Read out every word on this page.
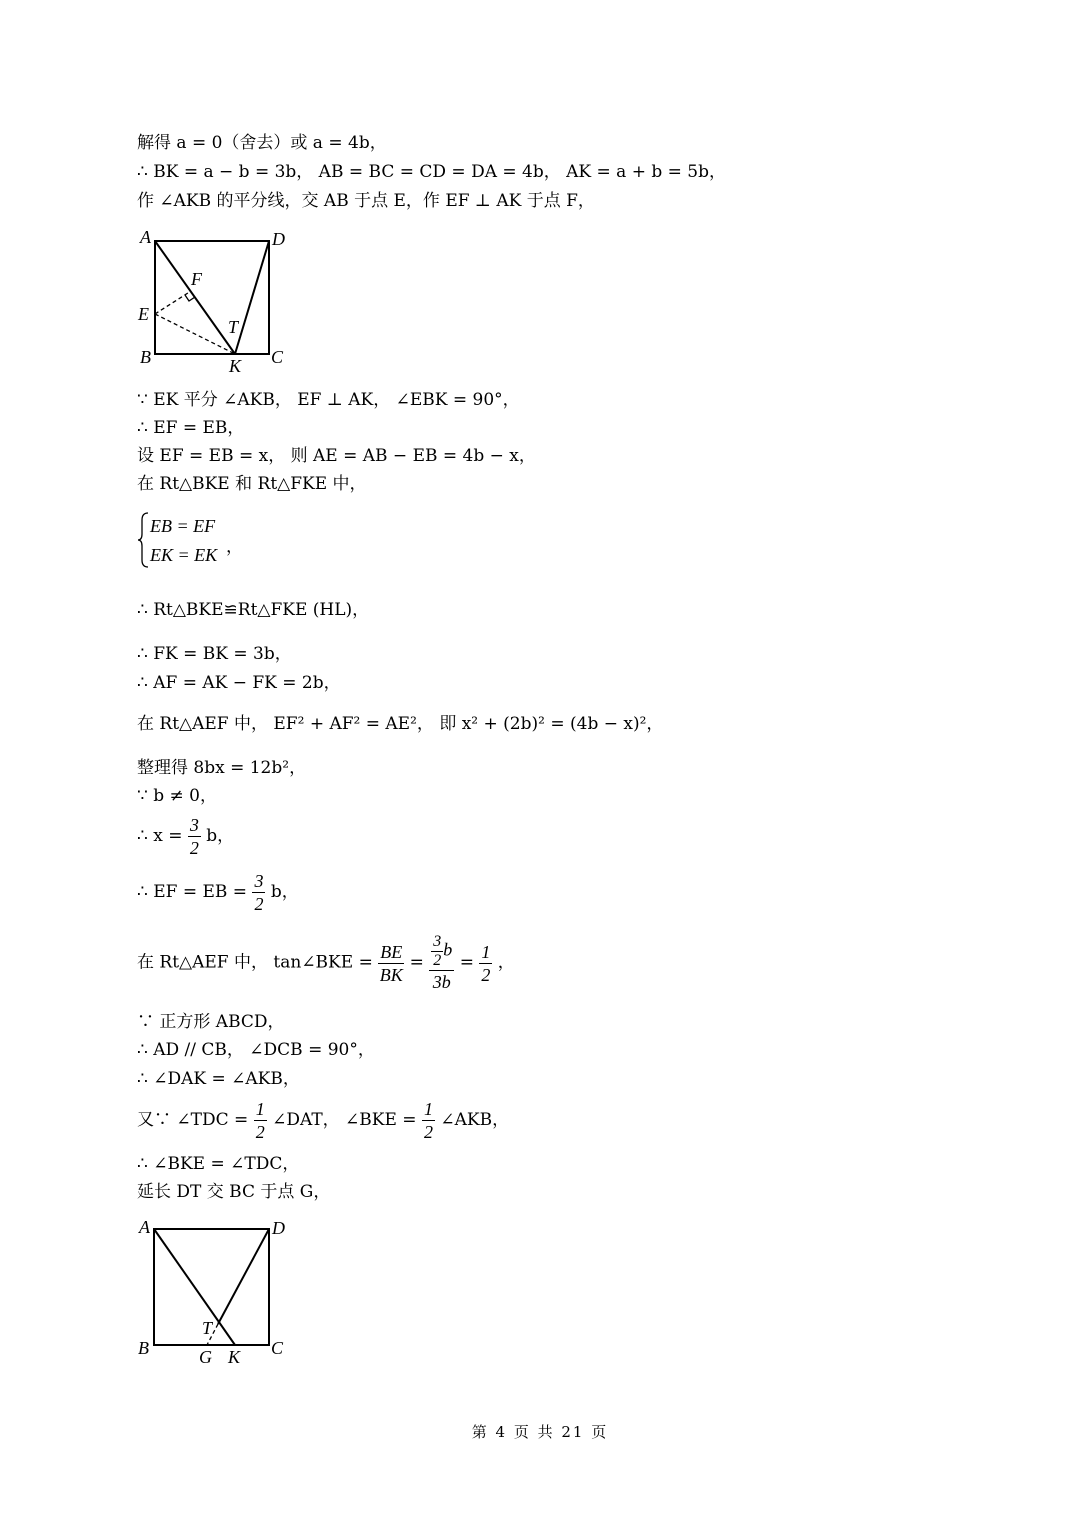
解得 a = 0（舍去）或 a = 4b，
∴ BK = a − b = 3b， AB = BC = CD = DA = 4b， AK = a + b = 5b，
作 ∠AKB 的平分线，交 AB 于点 E，作 EF ⊥ AK 于点 F，
A	D
F
E
T
B	K C
∵ EK 平分 ∠AKB， EF ⊥ AK， ∠EBK = 90°，
∴ EF = EB，
设 EF = EB = x， 则 AE = AB − EB = 4b − x，
在 Rt△BKE 和 Rt△FKE 中，
EB = EF
EK = EK ，
∴ Rt△BKE≌Rt△FKE (HL)，
∴ FK = BK = 3b，
∴ AF = AK − FK = 2b，
在 Rt△AEF 中， EF² + AF² = AE²， 即 x² + (2b)² = (4b − x)²，
整理得 8bx = 12b²，
∵ b ≠ 0，
∴ $x = \frac{3}{2}$ b，
∴ EF = EB = $\frac{3}{2}$ b，
在 Rt△AEF 中， tan∠BKE = $\frac{BE}{BK} = \frac{\frac{3}{2} b}{3b} = \frac{1}{2}$ ，
∵ 正方形 ABCD，
∴ AD // CB， ∠DCB = 90°，
∴ ∠DAK = ∠AKB，
又∵ ∠TDC = $\frac{1}{2}$ ∠DAT， ∠BKE = $\frac{1}{2}$ ∠AKB，
∴ ∠BKE = ∠TDC，
延长 DT 交 BC 于点 G，
A	D
T
B	G K C
第 4 页 共 21 页
